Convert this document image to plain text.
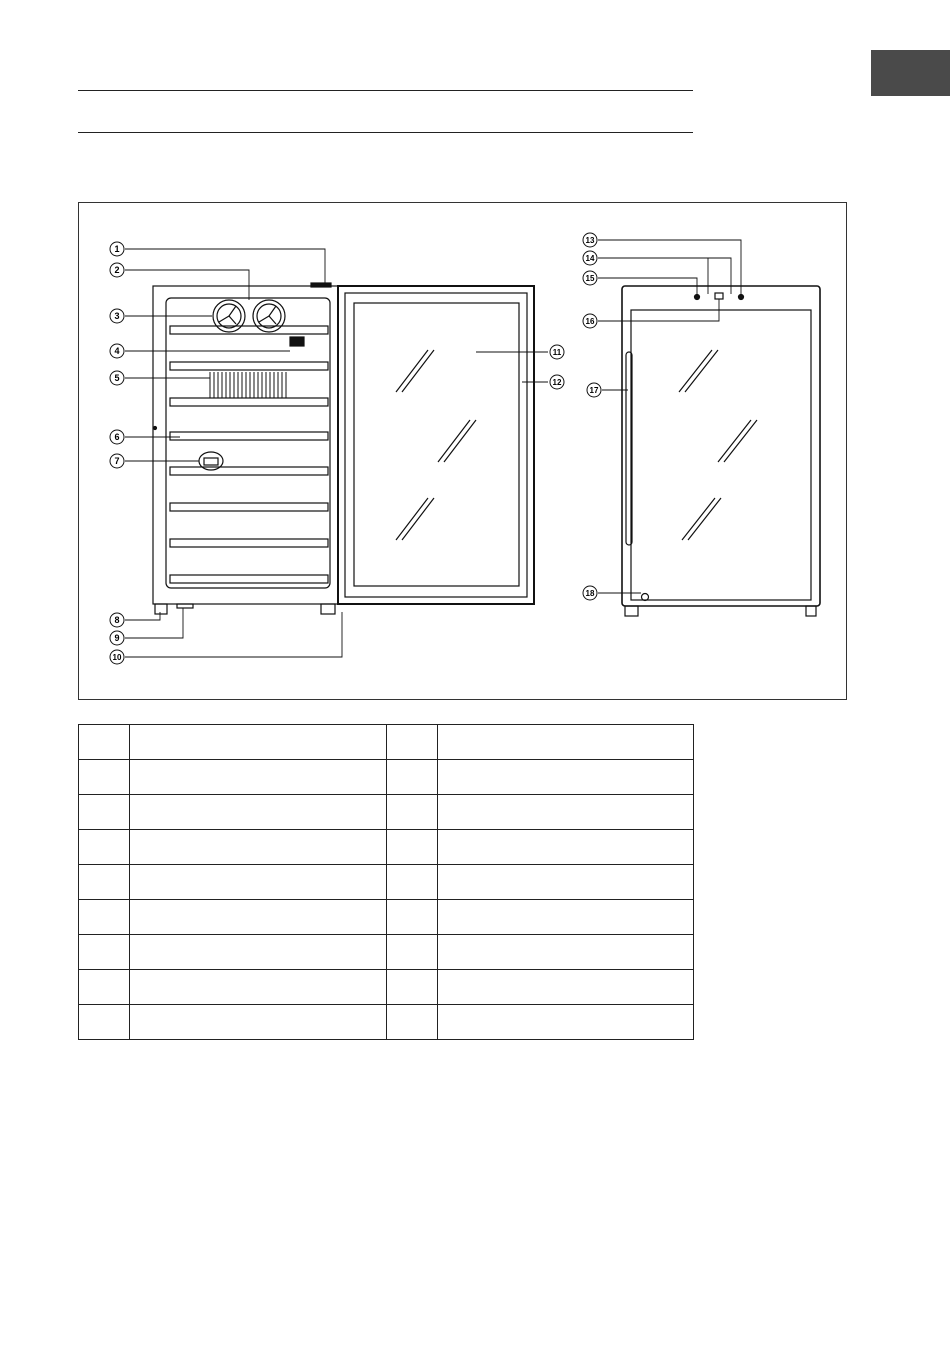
1
2
3
4
5
6
7
8
9
10
11
12
13
14
15
16
17
18
